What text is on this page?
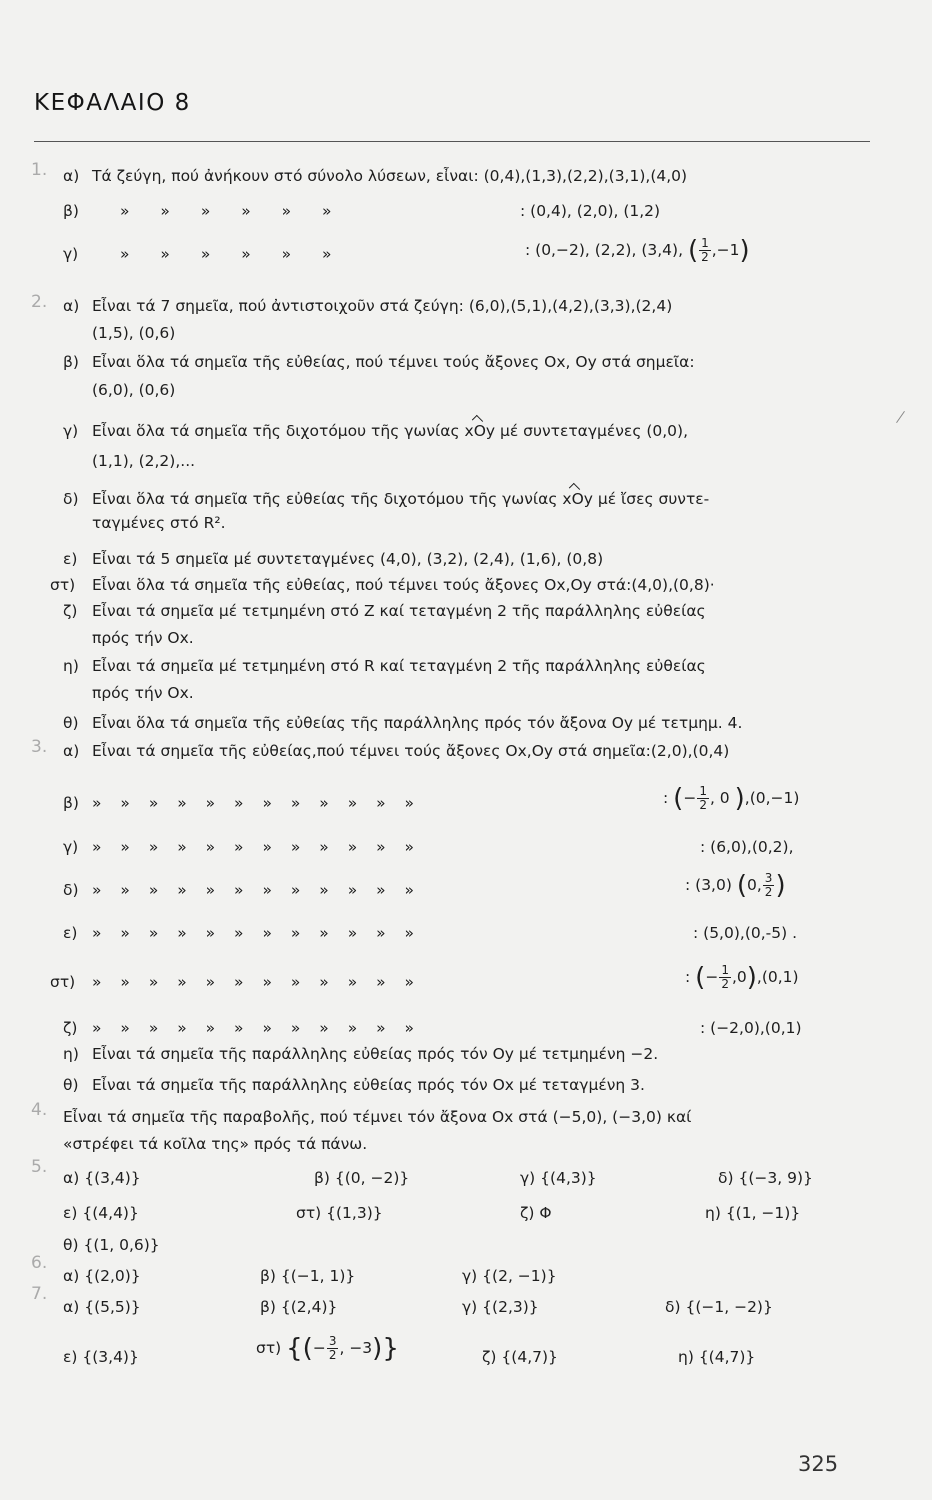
ΚΕΦΑΛΑΙΟ 8
1.
2.
3.
4.
5.
6.
7.
α) Τά ζεύγη, πού ἀνήκουν στό σύνολο λύσεων, εἶναι: (0,4),(1,3),(2,2),(3,1),(4,0)
β)	» » » » » »	: (0,4), (2,0), (1,2)
γ)	» » » » » »	: (0,−2), (2,2), (3,4), ( $\frac{1}{2} ,-1$)
α) Εἶναι τά 7 σημεῖα, πού ἀντιστοιχοῦν στά ζεύγη: (6,0),(5,1),(4,2),(3,3),(2,4)
(1,5), (0,6)
β) Εἶναι ὅλα τά σημεῖα τῆς εὐθείας, πού τέμνει τούς ἄξονες Οx, Οy στά σημεῖα:
(6,0), (0,6)
γ) Εἶναι ὅλα τά σημεῖα τῆς διχοτόμου τῆς γωνίας xΟy μέ συντεταγμένες (0,0),
(1,1), (2,2),...
δ) Εἶναι ὅλα τά σημεῖα τῆς εὐθείας τῆς διχοτόμου τῆς γωνίας xΟy μέ ἴσες συντε-
ταγμένες στό R².
ε) Εἶναι τά 5 σημεῖα μέ συντεταγμένες (4,0), (3,2), (2,4), (1,6), (0,8)
στ) Εἶναι ὅλα τά σημεῖα τῆς εὐθείας, πού τέμνει τούς ἄξονες Οx,Οy στά:(4,0),(0,8)·
ζ) Εἶναι τά σημεῖα μέ τετμημένη στό Ζ καί τεταγμένη 2 τῆς παράλληλης εὐθείας
πρός τήν Οx.
η) Εἶναι τά σημεῖα μέ τετμημένη στό R καί τεταγμένη 2 τῆς παράλληλης εὐθείας
πρός τήν Οx.
θ) Εἶναι ὅλα τά σημεῖα τῆς εὐθείας τῆς παράλληλης πρός τόν ἄξονα Οy μέ τετμημ. 4.
α) Εἶναι τά σημεῖα τῆς εὐθείας,πού τέμνει τούς ἄξονες Οx,Οy στά σημεῖα:(2,0),(0,4)
β) » » » » » » » » » » » »	: (− $\frac{1}{2}$ , 0 ),(0,−1)
γ) » » » » » » » » » » » »	: (6,0),(0,2),
δ) » » » » » » » » » » » »	: (3,0) (0, $\frac{3}{2}$ )
ε) » » » » » » » » » » » »	: (5,0),(0,-5) .
στ) » » » » » » » » » » » »	: (− $\frac{1}{2} ,0),(0,1)$
ζ) » » » » » » » » » » » »	: (−2,0),(0,1)
η) Εἶναι τά σημεῖα τῆς παράλληλης εὐθείας πρός τόν Οy μέ τετμημένη −2.
θ) Εἶναι τά σημεῖα τῆς παράλληλης εὐθείας πρός τόν Οx μέ τεταγμένη 3.
Εἶναι τά σημεῖα τῆς παραβολῆς, πού τέμνει τόν ἄξονα Οx στά (−5,0), (−3,0) καί
«στρέφει τά κοῖλα της» πρός τά πάνω.
α) {(3,4)}	β) {(0, −2)}	γ) {(4,3)}	δ) {(−3, 9)}
ε) {(4,4)}	στ) {(1,3)}	ζ) Φ	η) {(1, −1)}
θ) {(1, 0,6)}
α) {(2,0)}	β) {(−1, 1)}	γ) {(2, −1)}
α) {(5,5)}	β) {(2,4)}	γ) {(2,3)}	δ) {(−1, −2)}
ε) {(3,4)}	στ) {(− $\frac{3}{2}$ , −3)}	ζ) {(4,7)}	η) {(4,7)}
325
